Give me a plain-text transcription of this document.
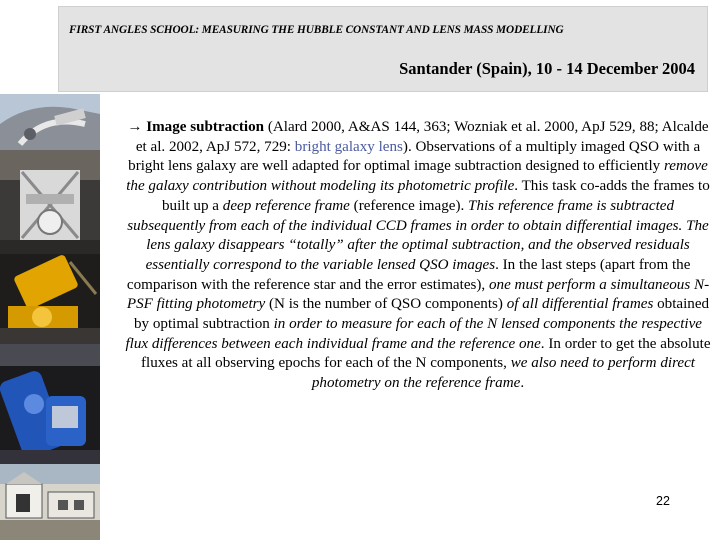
FIRST ANGLES SCHOOL: MEASURING THE HUBBLE CONSTANT AND LENS MASS MODELLING
Santander (Spain), 10 - 14 December 2004
→ Image subtraction (Alard 2000, A&AS 144, 363; Wozniak et al. 2000, ApJ 529, 88; Alcalde et al. 2002, ApJ 572, 729: bright galaxy lens). Observations of a multiply imaged QSO with a bright lens galaxy are well adapted for optimal image subtraction designed to efficiently remove the galaxy contribution without modeling its photometric profile. This task co-adds the frames to built up a deep reference frame (reference image). This reference frame is subtracted subsequently from each of the individual CCD frames in order to obtain differential images. The lens galaxy disappears “totally” after the optimal subtraction, and the observed residuals essentially correspond to the variable lensed QSO images. In the last steps (apart from the comparison with the reference star and the error estimates), one must perform a simultaneous N-PSF fitting photometry (N is the number of QSO components) of all differential frames obtained by optimal subtraction in order to measure for each of the N lensed components the respective flux differences between each individual frame and the reference one. In order to get the absolute fluxes at all observing epochs for each of the N components, we also need to perform direct photometry on the reference frame.
22
